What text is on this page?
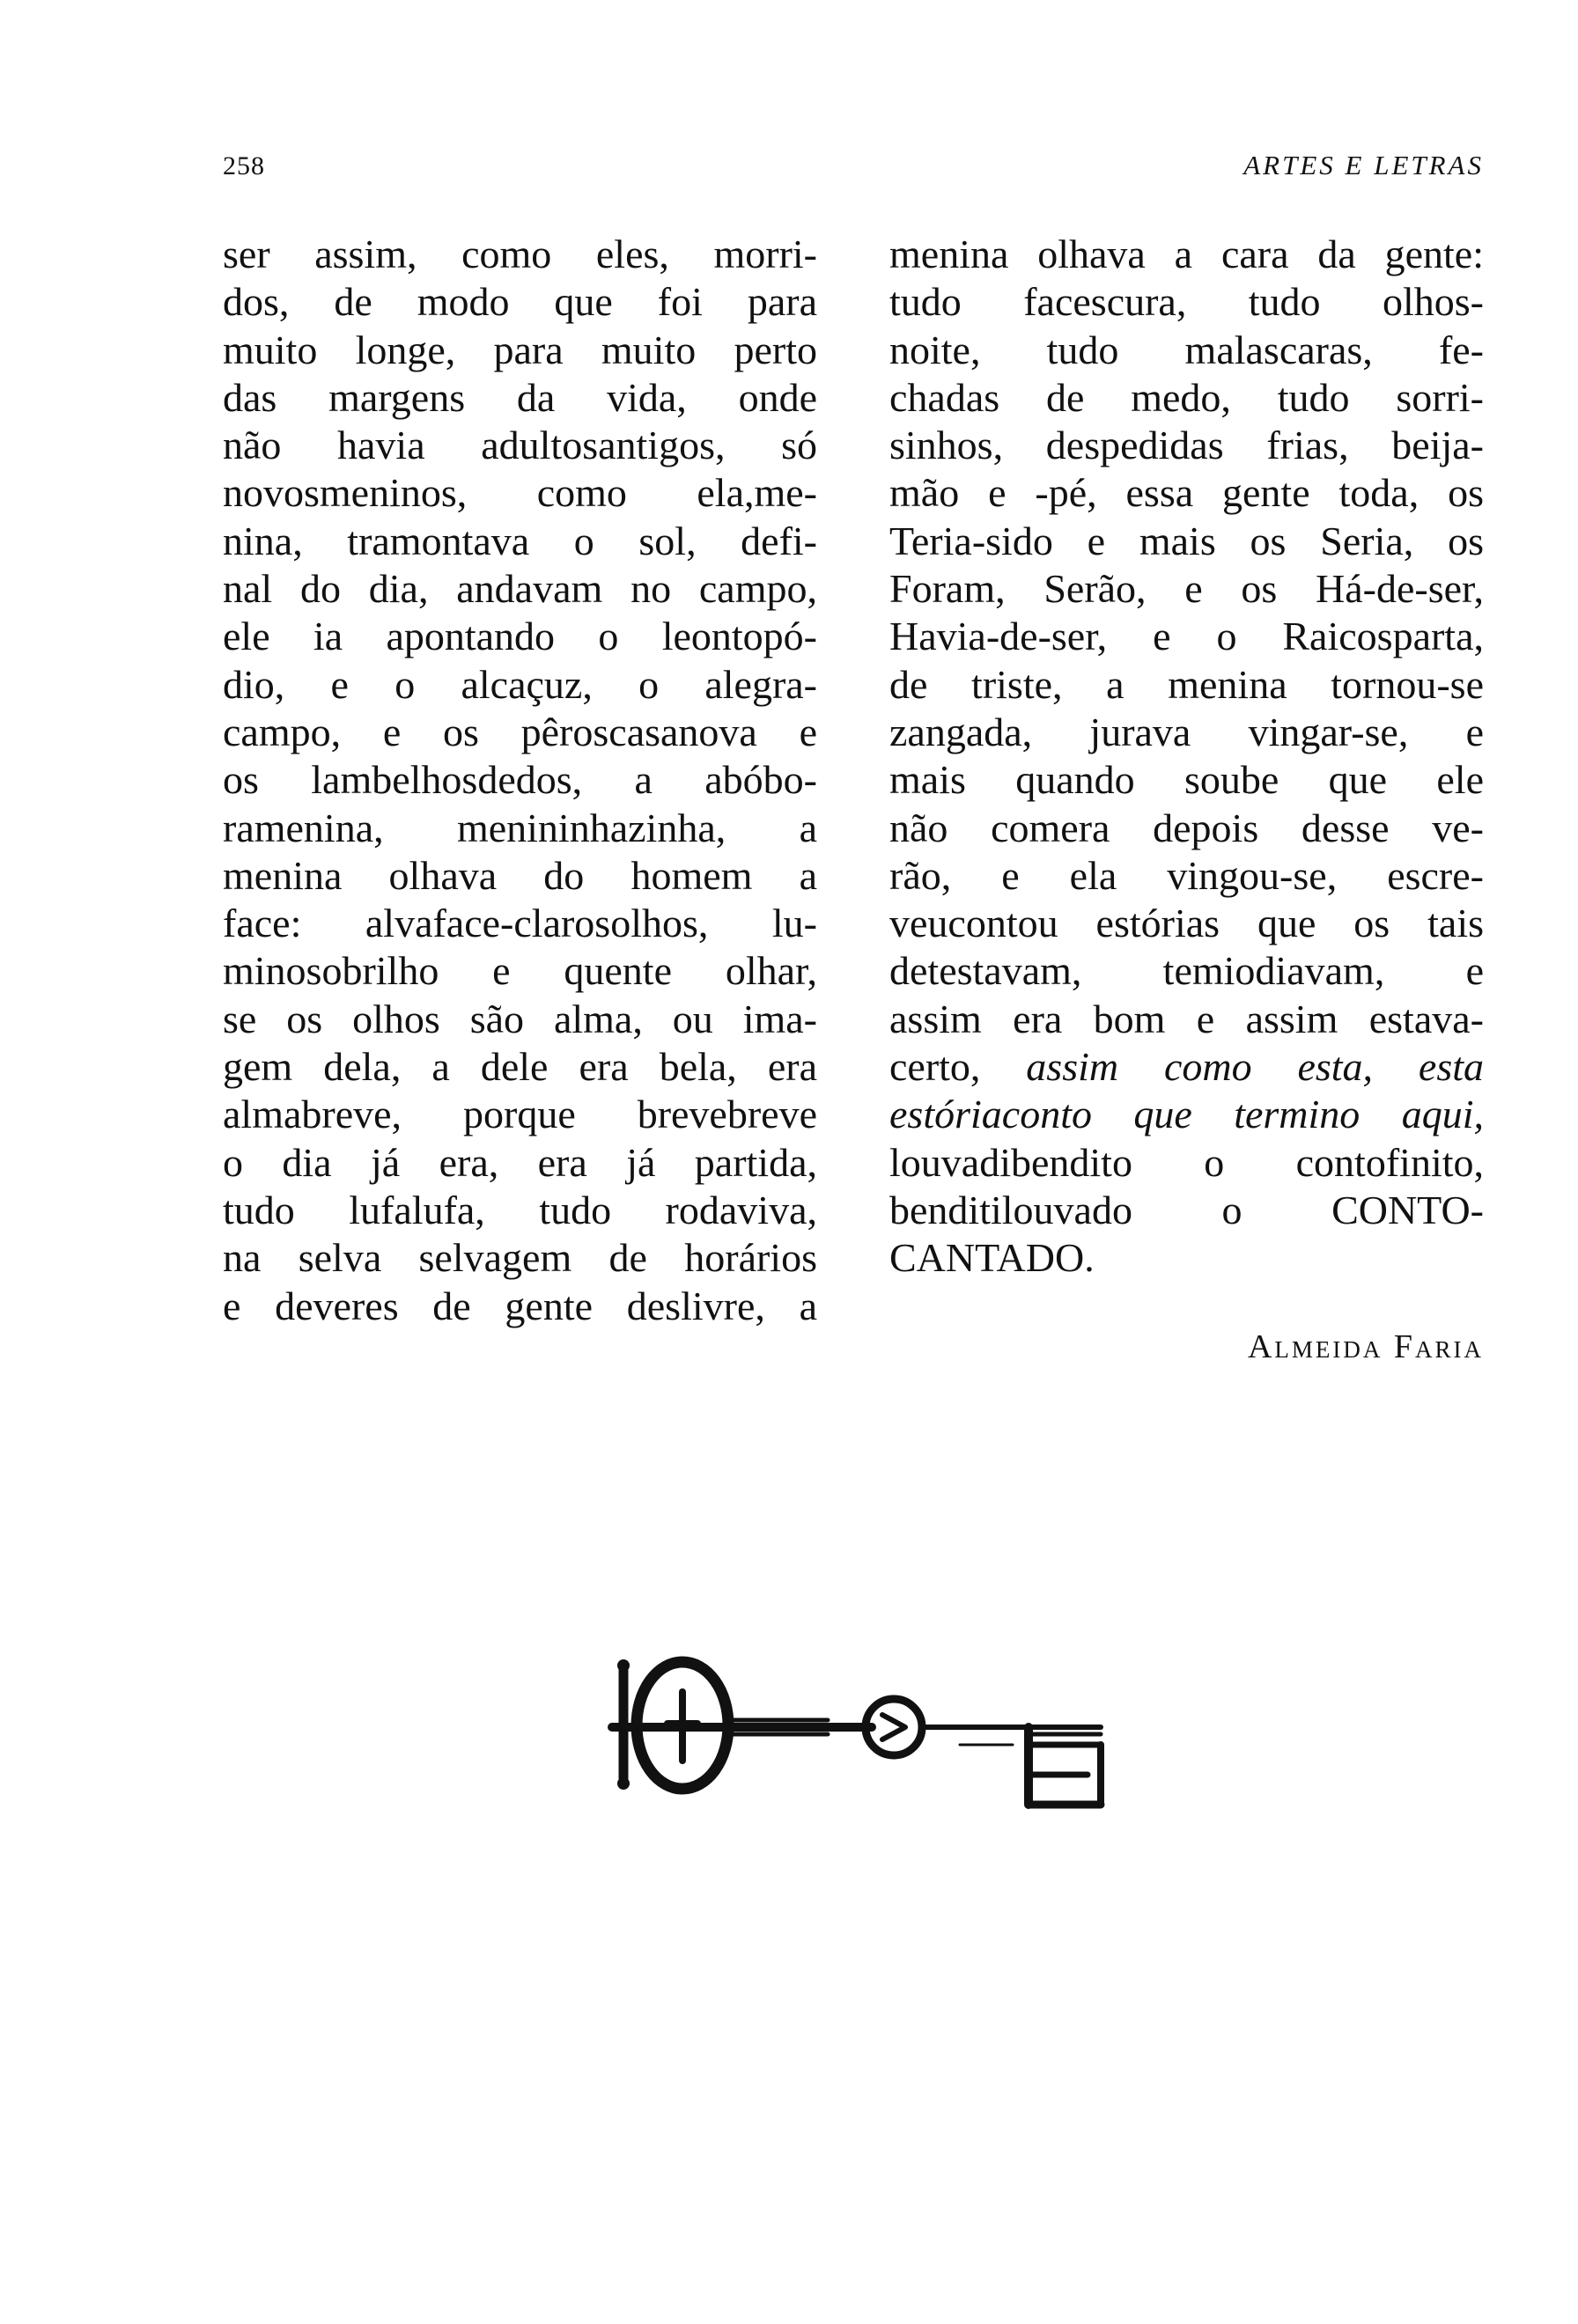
258	ARTES E LETRAS
ser assim, como eles, morri-
dos, de modo que foi para
muito longe, para muito perto
das margens da vida, onde
não havia adultosantigos, só
novosmeninos, como ela,me-
nina, tramontava o sol, defi-
nal do dia, andavam no campo,
ele ia apontando o leontopó-
dio, e o alcaçuz, o alegra-
campo, e os pêroscasanova e
os lambelhosdedos, a abóbo-
ramenina, menininhazinha, a
menina olhava do homem a
face: alvaface-clarosolhos, lu-
minosobrilho e quente olhar,
se os olhos são alma, ou ima-
gem dela, a dele era bela, era
almabreve, porque brevebreve
o dia já era, era já partida,
tudo lufalufa, tudo rodaviva,
na selva selvagem de horários
e deveres de gente deslivre, a
menina olhava a cara da gente:
tudo facescura, tudo olhos-
noite, tudo malascaras, fe-
chadas de medo, tudo sorri-
sinhos, despedidas frias, beija-
mão e -pé, essa gente toda, os
Teria-sido e mais os Seria, os
Foram, Serão, e os Há-de-ser,
Havia-de-ser, e o Raicosparta,
de triste, a menina tornou-se
zangada, jurava vingar-se, e
mais quando soube que ele
não comera depois desse ve-
rão, e ela vingou-se, escre-
veucontou estórias que os tais
detestavam, temiodiavam, e
assim era bom e assim estava-
certo, assim como esta, esta
estóriaconto que termino aqui,
louvadibendito o contofinito,
benditilouvado o CONTO-
CANTADO.
Almeida Faria
